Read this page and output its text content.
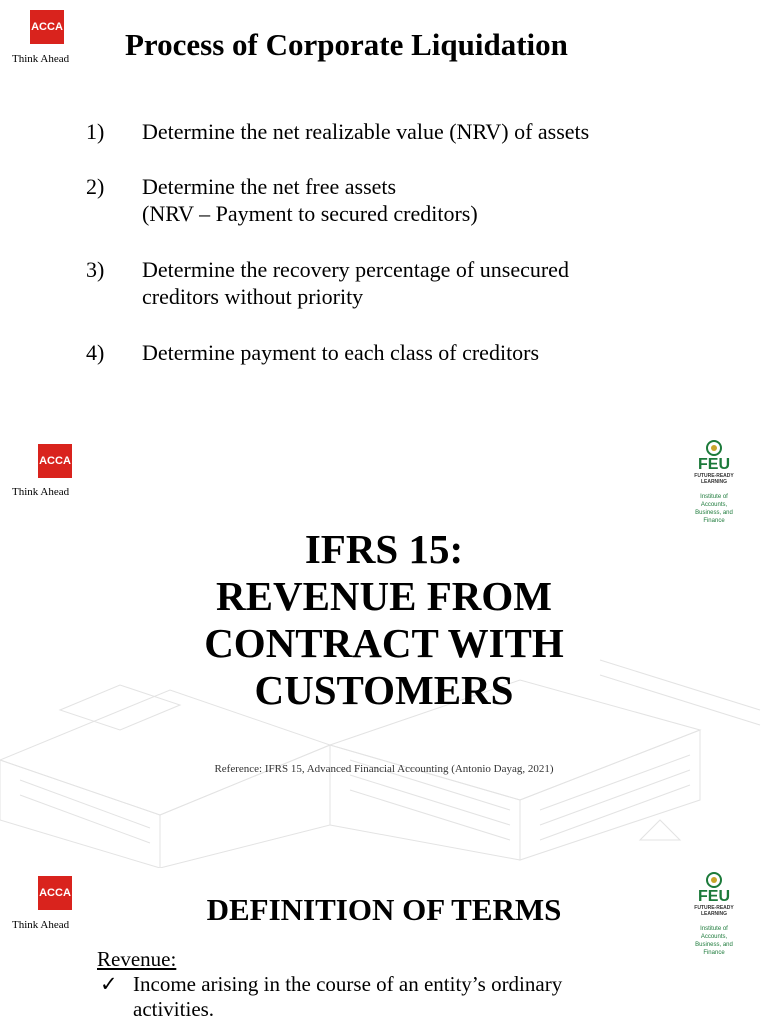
ACCA
Think Ahead Process of Corporate Liquidation
1)	Determine the net realizable value (NRV) of assets
2)	Determine the net free assets
(NRV – Payment to secured creditors)
3)	Determine the recovery percentage of unsecured
creditors without priority
4)	Determine payment to each class of creditors
ACCA
Think Ahead
FEU
FUTURE-READY LEARNING
Institute of
Accounts,
Business, and
Finance
IFRS 15:
REVENUE FROM
CONTRACT WITH
CUSTOMERS
Reference: IFRS 15, Advanced Financial Accounting (Antonio Dayag, 2021)
ACCA
Think Ahead
FEU
FUTURE-READY LEARNING
Institute of
Accounts,
Business, and
Finance
DEFINITION OF TERMS
Revenue:
✓ Income arising in the course of an entity’s ordinary
activities.
